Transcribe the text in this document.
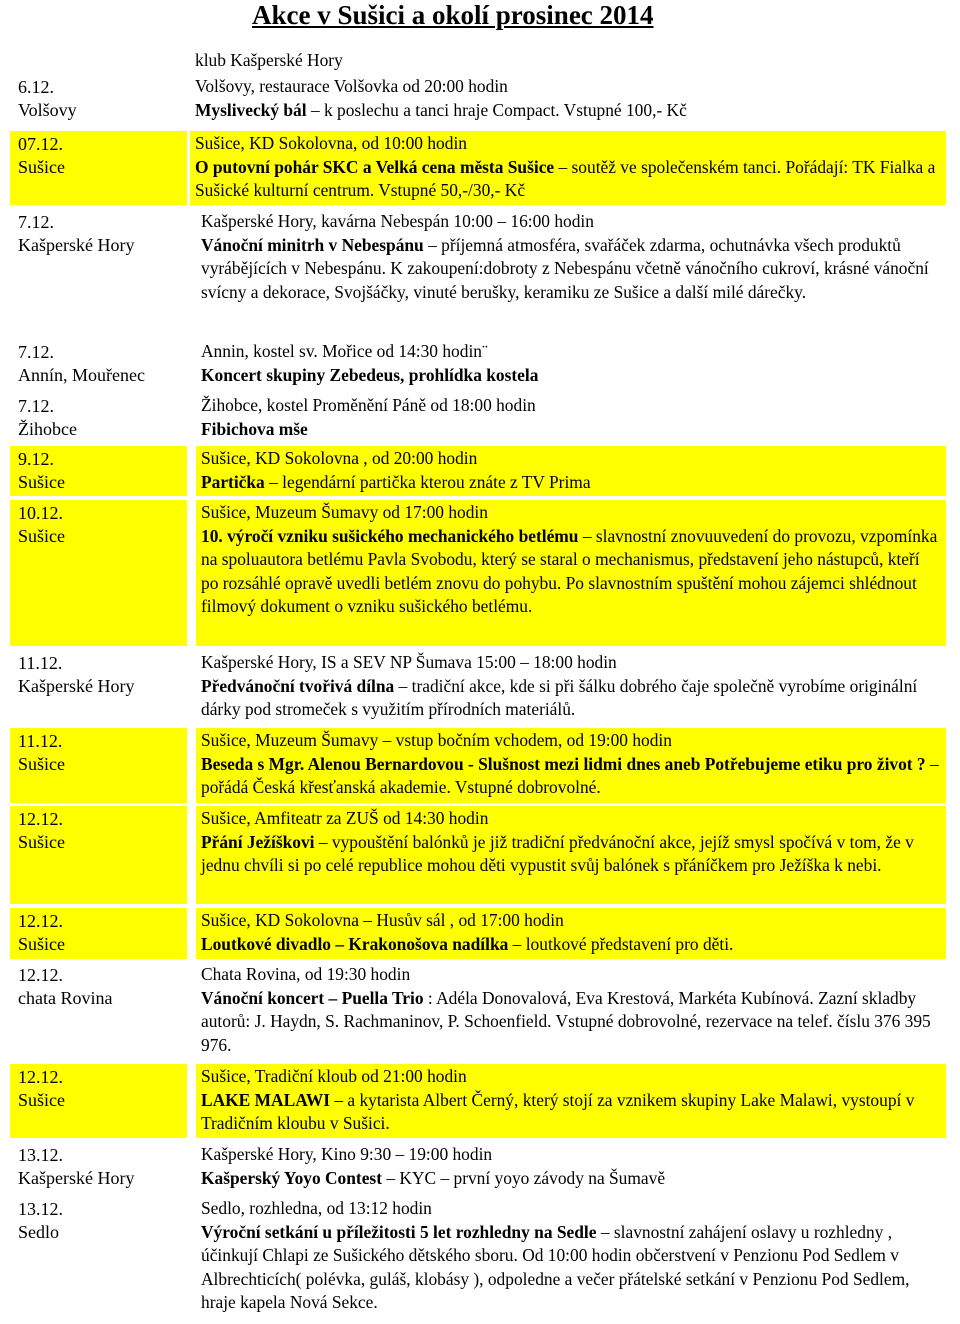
Akce v Sušici a okolí prosinec 2014
klub Kašperské Hory
6.12.
Volšovy
Volšovy, restaurace Volšovka od 20:00 hodin
Myslivecký bál – k poslechu a tanci hraje Compact. Vstupné 100,- Kč
07.12.
Sušice
Sušice, KD Sokolovna, od 10:00 hodin
O putovní pohár SKC a Velká cena města Sušice – soutěž ve společenském tanci. Pořádají: TK Fialka a Sušické kulturní centrum. Vstupné 50,-/30,- Kč
7.12.
Kašperské Hory
Kašperské Hory, kavárna Nebespán 10:00 – 16:00 hodin
Vánoční minitrh v Nebespánu – příjemná atmosféra, svařáček zdarma, ochutnávka všech produktů vyrábějících v Nebespánu. K zakoupení:dobroty z Nebespánu včetně vánočního cukroví, krásné vánoční svícny a dekorace, Svojšáčky, vinuté berušky, keramiku ze Sušice a další milé dárečky.
7.12.
Annín, Mouřenec
Annin, kostel sv. Mořice od 14:30 hodin¨
Koncert skupiny Zebedeus, prohlídka kostela
7.12.
Žihobce
Žihobce, kostel Proměnění Páně od 18:00 hodin
Fibichova mše
9.12.
Sušice
Sušice, KD Sokolovna , od 20:00 hodin
Partička – legendární partička kterou znáte z TV Prima
10.12.
Sušice
Sušice, Muzeum Šumavy od 17:00 hodin
10. výročí vzniku sušického mechanického betlému – slavnostní znovuuvedení do provozu, vzpomínka na spoluautora betlému Pavla Svobodu, který se staral o mechanismus, představení jeho nástupců, kteří po rozsáhlé opravě uvedli betlém znovu do pohybu. Po slavnostním spuštění mohou zájemci shlédnout filmový dokument o vzniku sušického betlému.
11.12.
Kašperské Hory
Kašperské Hory, IS a SEV NP Šumava 15:00 – 18:00 hodin
Předvánoční tvořivá dílna – tradiční akce, kde si při šálku dobrého čaje společně vyrobíme originální dárky pod stromeček s využitím přírodních materiálů.
11.12.
Sušice
Sušice, Muzeum Šumavy – vstup bočním vchodem, od 19:00 hodin
Beseda s Mgr. Alenou Bernardovou - Slušnost mezi lidmi dnes aneb Potřebujeme etiku pro život ? – pořádá Česká křesťanská akademie. Vstupné dobrovolné.
12.12.
Sušice
Sušice, Amfiteatr za ZUŠ od 14:30 hodin
Přání Ježíškovi – vypouštění balónků je již tradiční předvánoční akce, jejíž smysl spočívá v tom, že v jednu chvíli si po celé republice mohou děti vypustit svůj balónek s přáníčkem pro Ježíška k nebi.
12.12.
Sušice
Sušice, KD Sokolovna – Husův sál , od 17:00 hodin
Loutkové divadlo – Krakonošova nadílka – loutkové představení pro děti.
12.12.
chata Rovina
Chata Rovina, od 19:30 hodin
Vánoční koncert – Puella Trio : Adéla Donovalová, Eva Krestová, Markéta Kubínová. Zazní skladby autorů: J. Haydn, S. Rachmaninov, P. Schoenfield. Vstupné dobrovolné, rezervace na telef. číslu 376 395 976.
12.12.
Sušice
Sušice, Tradiční kloub od 21:00 hodin
LAKE MALAWI – a kytarista Albert Černý, který stojí za vznikem skupiny Lake Malawi, vystoupí v Tradičním kloubu v Sušici.
13.12.
Kašperské Hory
Kašperské Hory, Kino 9:30 – 19:00 hodin
Kašperský Yoyo Contest – KYC – první yoyo závody na Šumavě
13.12.
Sedlo
Sedlo, rozhledna, od 13:12 hodin
Výroční setkání u příležitosti 5 let rozhledny na Sedle – slavnostní zahájení oslavy u rozhledny , účinkují Chlapi ze Sušického dětského sboru. Od 10:00 hodin občerstvení v Penzionu Pod Sedlem v Albrechticích( polévka, guláš, klobásy ), odpoledne a večer přátelské setkání v Penzionu Pod Sedlem, hraje kapela Nová Sekce.
